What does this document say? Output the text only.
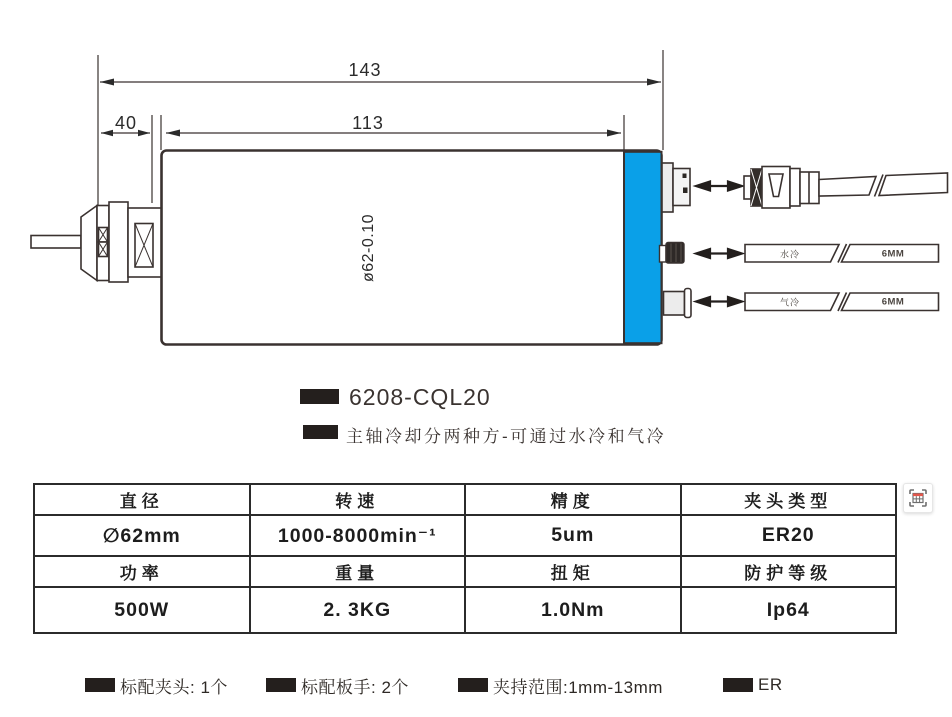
143
113
40
ø62-0.10	水冷	6MM
气冷	6MM
6208-CQL20
主轴冷却分两种方-可通过水冷和气冷
直径	转速	精度	夹头类型
∅62mm	1000-8000min⁻¹	5um	ER20
功率	重量	扭矩	防护等级
500W	2. 3KG	1.0Nm	Ip64
标配夹头: 1个	标配板手: 2个	夹持范围:1mm-13mm	ER
